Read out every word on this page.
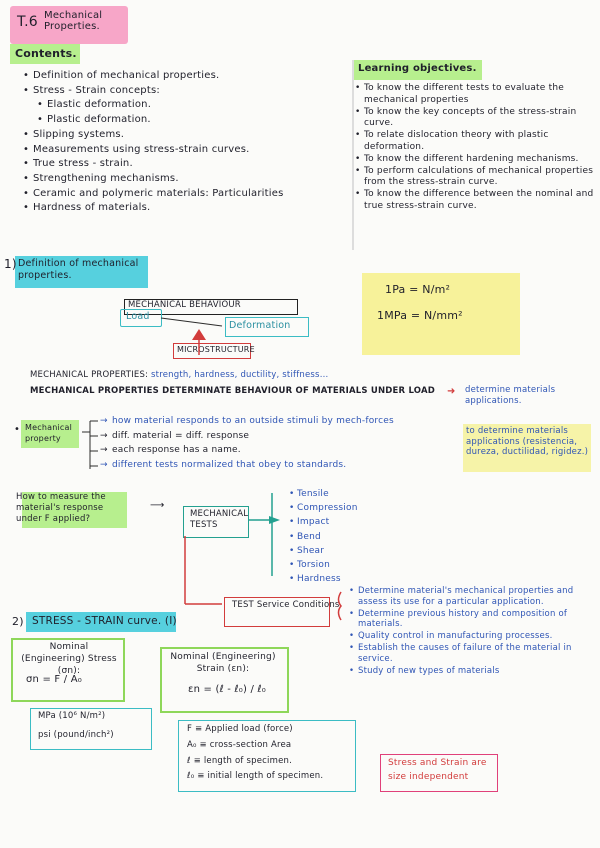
T.6 Mechanical Properties.
Contents.
• Definition of mechanical properties.
• Stress - Strain concepts:
• Elastic deformation.
• Plastic deformation.
• Slipping systems.
• Measurements using stress-strain curves.
• True stress - strain.
• Strengthening mechanisms.
• Ceramic and polymeric materials: Particularities
• Hardness of materials.
Learning objectives.
• To know the different tests to evaluate the mechanical properties
• To know the key concepts of the stress-strain curve.
• To relate dislocation theory with plastic deformation.
• To know the different hardening mechanisms.
• To perform calculations of mechanical properties from the stress-strain curve.
• To know the difference between the nominal and true stress-strain curve.
1) Definition of mechanical properties.
MECHANICAL BEHAVIOUR
Load
Deformation
MICROSTRUCTURE
1Pa = N/m²
1MPa = N/mm²
MECHANICAL PROPERTIES: strength, hardness, ductility, stiffness...
MECHANICAL PROPERTIES DETERMINATE BEHAVIOUR OF MATERIALS UNDER LOAD ➜ determine materials applications.
• Mechanical property
→ how material responds to an outside stimuli by mech-forces
→ diff. material = diff. response
→ each response has a name.
→ different tests normalized that obey to standards.
to determine materials applications (resistencia, dureza, ductilidad, rigidez.)
How to measure the material's response under F applied?
⟶
MECHANICAL TESTS
• Tensile
• Compression
• Impact
• Bend
• Shear
• Torsion
• Hardness
TEST Service Conditions
• Determine material's mechanical properties and assess its use for a particular application.
• Determine previous history and composition of materials.
• Quality control in manufacturing processes.
• Establish the causes of failure of the material in service.
• Study of new types of materials
2) STRESS - STRAIN curve. (I)
Nominal (Engineering) Stress (σn):
σn = F / A₀
Nominal (Engineering) Strain (εn):
εn = (ℓ - ℓ₀) / ℓ₀
MPa (10⁶ N/m²)
psi (pound/inch²)
F ≡ Applied load (force)
A₀ ≡ cross-section Area
ℓ ≡ length of specimen.
ℓ₀ ≡ initial length of specimen.
Stress and Strain are size independent
